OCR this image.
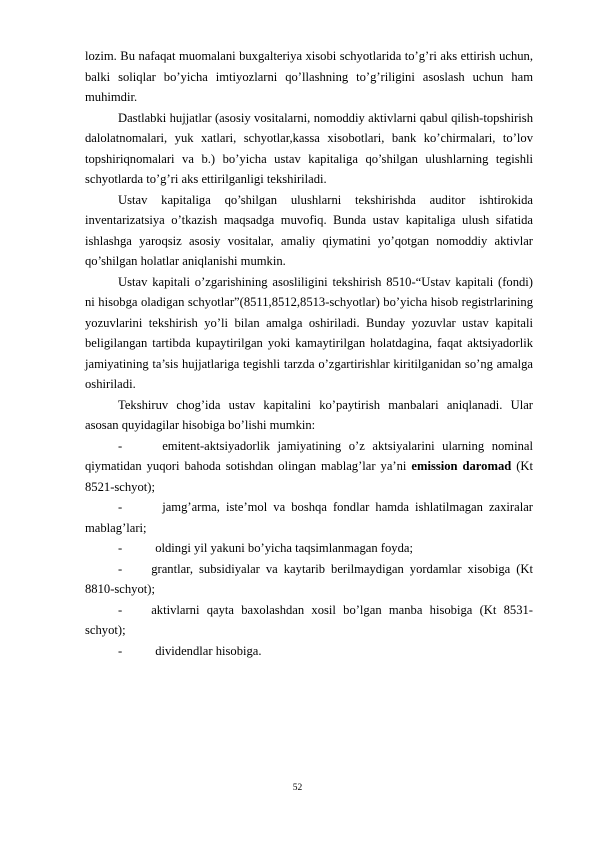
lozim. Bu nafaqat muomalani buxgalteriya xisobi schyotlarida to’g’ri aks ettirish uchun, balki soliqlar bo’yicha imtiyozlarni qo’llashning to’g’riligini asoslash uchun ham muhimdir.

Dastlabki hujjatlar (asosiy vositalarni, nomoddiy aktivlarni qabul qilish-topshirish dalolatnomalari, yuk xatlari, schyotlar,kassa xisobotlari, bank ko’chirmalari, to’lov topshiriqnomalari va b.) bo’yicha ustav kapitaliga qo’shilgan ulushlarning tegishli schyotlarda to’g’ri aks ettirilganligi tekshiriladi.

Ustav kapitaliga qo’shilgan ulushlarni tekshirishda auditor ishtirokida inventarizatsiya o’tkazish maqsadga muvofiq. Bunda ustav kapitaliga ulush sifatida ishlashga yaroqsiz asosiy vositalar, amaliy qiymatini yo’qotgan nomoddiy aktivlar qo’shilgan holatlar aniqlanishi mumkin.

Ustav kapitali o’zgarishining asosliligini tekshirish 8510-“Ustav kapitali (fondi) ni hisobga oladigan schyotlar”(8511,8512,8513-schyotlar) bo’yicha hisob registrlarining yozuvlarini tekshirish yo’li bilan amalga oshiriladi. Bunday yozuvlar ustav kapitali beligilangan tartibda kupaytirilgan yoki kamaytirilgan holatdagina, faqat aktsiyadorlik jamiyatining ta’sis hujjatlariga tegishli tarzda o’zgartirishlar kiritilganidan so’ng amalga oshiriladi.

Tekshiruv chog’ida ustav kapitalini ko’paytirish manbalari aniqlanadi. Ular asosan quyidagilar hisobiga bo’lishi mumkin:

-	emitent-aktsiyadorlik jamiyatining o’z aktsiyalarini ularning nominal qiymatidan yuqori bahoda sotishdan olingan mablag’lar ya’ni emission daromad (Kt 8521-schyot);

-	jamg’arma, iste’mol va boshqa fondlar hamda ishlatilmagan zaxiralar mablag’lari;

-	oldingi yil yakuni bo’yicha taqsimlanmagan foyda;

- grantlar, subsidiyalar va kaytarib berilmaydigan yordamlar xisobiga (Kt 8810-schyot);

- aktivlarni qayta baxolashdan xosil bo’lgan manba hisobiga (Kt 8531-schyot);

-	dividendlar hisobiga.

52
